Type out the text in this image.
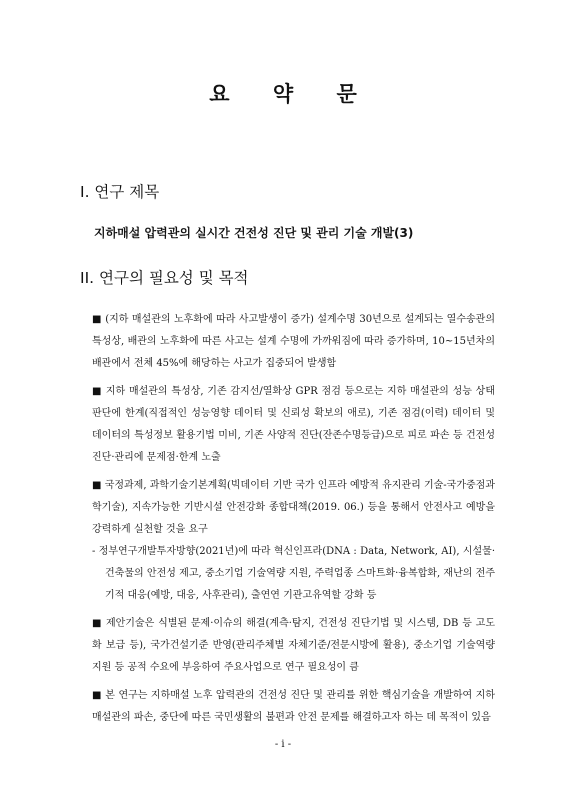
요 약 문
I. 연구 제목
지하매설 압력관의 실시간 건전성 진단 및 관리 기술 개발(3)
II. 연구의 필요성 및 목적

■ (지하 매설관의 노후화에 따라 사고발생이 증가) 설계수명 30년으로 설계되는 열수송관의 특성상, 배관의 노후화에 따른 사고는 설계 수명에 가까워짐에 따라 증가하며, 10~15년차의 배관에서 전체 45%에 해당하는 사고가 집중되어 발생함

■ 지하 매설관의 특성상, 기존 감지선/열화상 GPR 점검 등으로는 지하 매설관의 성능 상태 판단에 한계(직접적인 성능영향 데이터 및 신뢰성 확보의 애로), 기존 점검(이력) 데이터 및 데이터의 특성정보 활용기법 미비, 기존 사양적 진단(잔존수명등급)으로 피로 파손 등 건전성 진단·관리에 문제점·한계 노출

■ 국정과제, 과학기술기본계획(빅데이터 기반 국가 인프라 예방적 유지관리 기술-국가중점과학기술), 지속가능한 기반시설 안전강화 종합대책(2019. 06.) 등을 통해서 안전사고 예방을 강력하게 실천할 것을 요구

- 정부연구개발투자방향(2021년)에 따라 혁신인프라(DNA : Data, Network, AI), 시설물·건축물의 안전성 제고, 중소기업 기술역량 지원, 주력업종 스마트화·융복합화, 재난의 전주기적 대응(예방, 대응, 사후관리), 출연연 기관고유역할 강화 등

■ 제안기술은 식별된 문제·이슈의 해결(계측·탐지, 건전성 진단기법 및 시스템, DB 등 고도화 보급 등), 국가건설기준 반영(관리주체별 자체기준/전문시방에 활용), 중소기업 기술역량 지원 등 공적 수요에 부응하여 주요사업으로 연구 필요성이 큼

■ 본 연구는 지하매설 노후 압력관의 건전성 진단 및 관리를 위한 핵심기술을 개발하여 지하 매설관의 파손, 중단에 따른 국민생활의 불편과 안전 문제를 해결하고자 하는 데 목적이 있음

- i -
